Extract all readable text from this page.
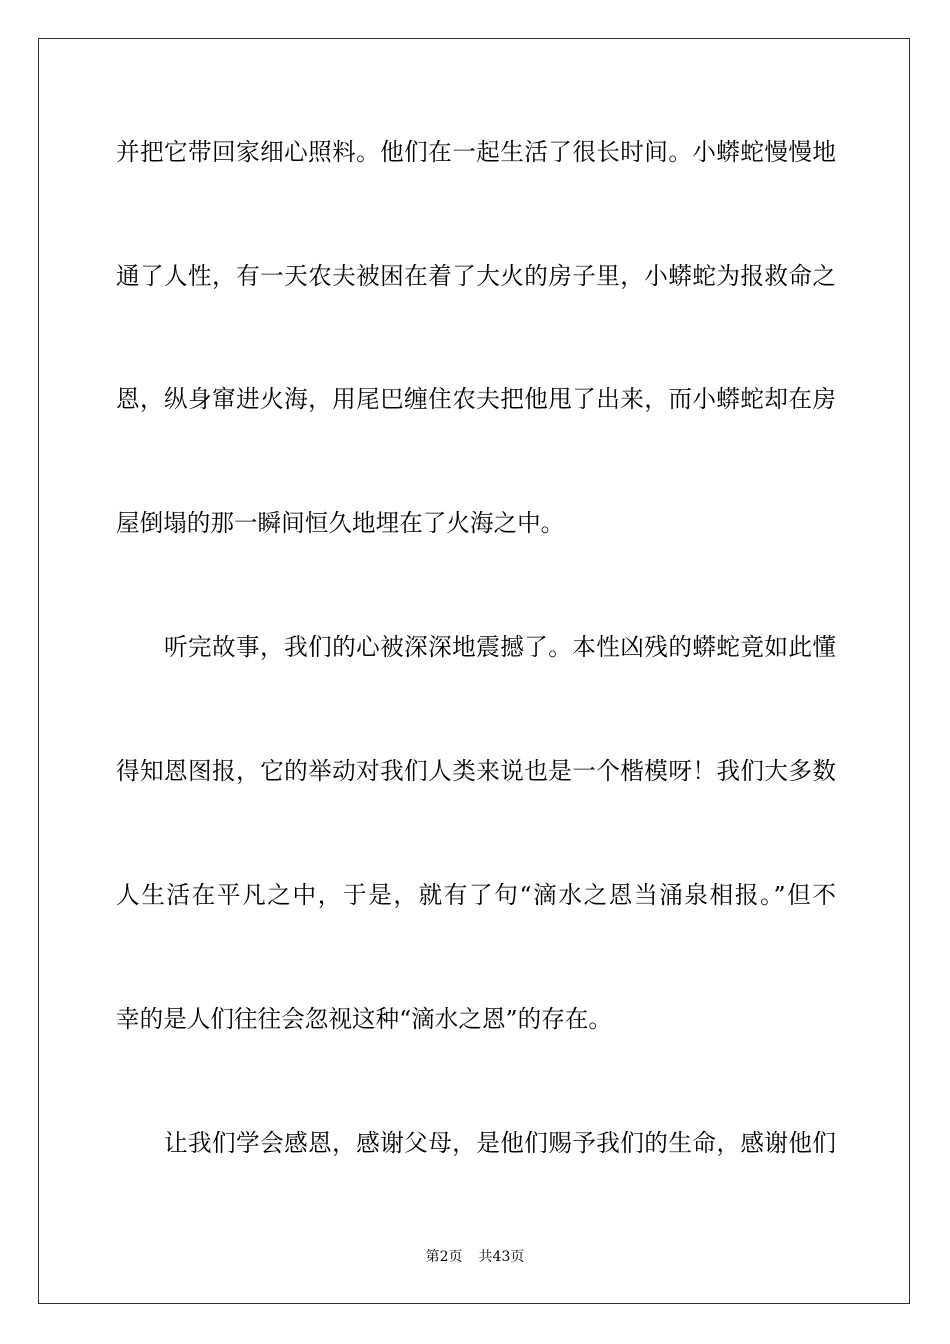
并把它带回家细心照料。他们在一起生活了很长时间。小蟒蛇慢慢地
通了人性，有一天农夫被困在着了大火的房子里，小蟒蛇为报救命之
恩，纵身窜进火海，用尾巴缠住农夫把他甩了出来，而小蟒蛇却在房
屋倒塌的那一瞬间恒久地埋在了火海之中。
听完故事，我们的心被深深地震撼了。本性凶残的蟒蛇竟如此懂
得知恩图报，它的举动对我们人类来说也是一个楷模呀！我们大多数
人生活在平凡之中，于是，就有了句“滴水之恩当涌泉相报。”但不
幸的是人们往往会忽视这种“滴水之恩”的存在。
让我们学会感恩，感谢父母，是他们赐予我们的生命，感谢他们
第2页 共43页
